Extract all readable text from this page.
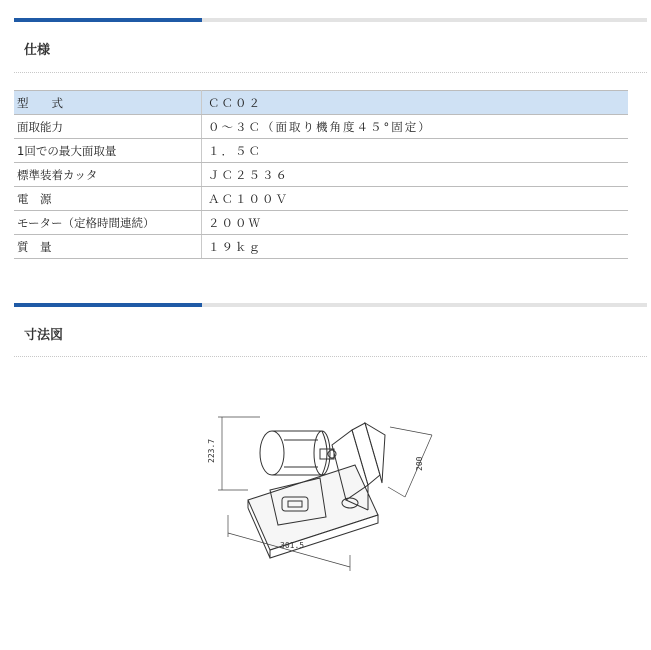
仕様
型　　式	ＣＣ０２
面取能力	０～３Ｃ（面取り機角度４５°固定）
1回での最大面取量	１．５Ｃ
標準装着カッタ	ＪＣ２５３６
電　源	ＡＣ１００Ｖ
モーター（定格時間連続）	２００Ｗ
質　量	１９ｋｇ
寸法図
223.7
200
301.5
